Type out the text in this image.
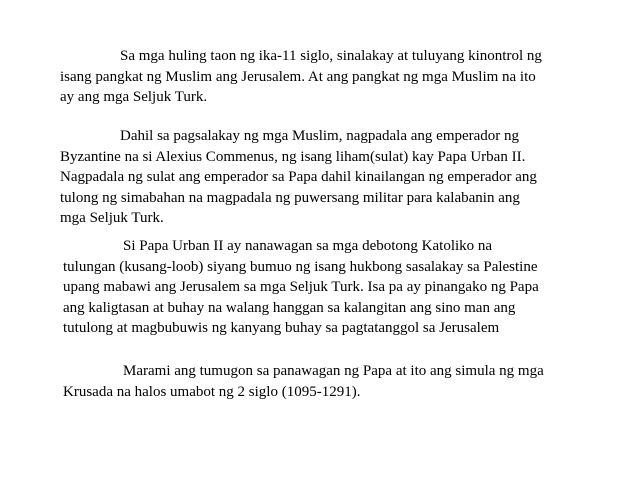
Sa mga huling taon ng ika-11 siglo, sinalakay at tuluyang kinontrol ng
isang pangkat ng Muslim ang Jerusalem. At ang pangkat ng mga Muslim na ito
ay ang mga Seljuk Turk.
Dahil sa pagsalakay ng mga Muslim, nagpadala ang emperador ng
Byzantine na si Alexius Commenus, ng isang liham(sulat) kay Papa Urban II.
Nagpadala ng sulat ang emperador sa Papa dahil kinailangan ng emperador ang
tulong ng simabahan na magpadala ng puwersang militar para kalabanin ang
mga Seljuk Turk.
Si Papa Urban II ay nanawagan sa mga debotong Katoliko na
tulungan (kusang-loob) siyang bumuo ng isang hukbong sasalakay sa Palestine
upang mabawi ang Jerusalem sa mga Seljuk Turk. Isa pa ay pinangako ng Papa
ang kaligtasan at buhay na walang hanggan sa kalangitan ang sino man ang
tutulong at magbubuwis ng kanyang buhay sa pagtatanggol sa Jerusalem
Marami ang tumugon sa panawagan ng Papa at ito ang simula ng mga
Krusada na halos umabot ng 2 siglo (1095-1291).
